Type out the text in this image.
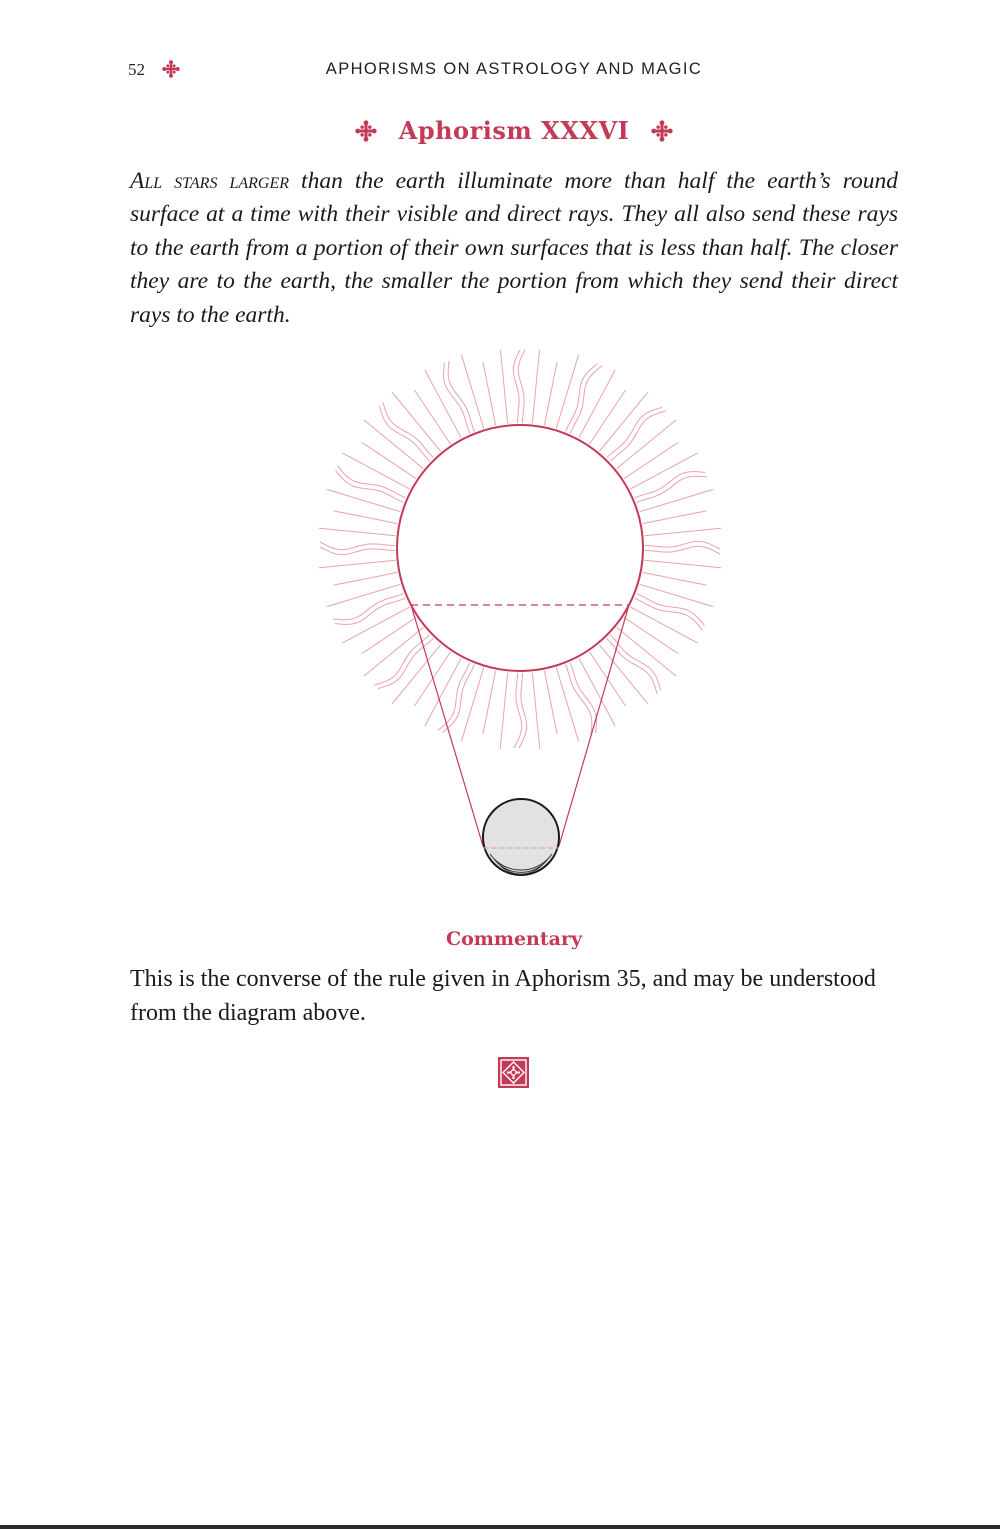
52	APHORISMS ON ASTROLOGY AND MAGIC
Aphorism XXXVI

All stars larger than the earth illuminate more than half the earth’s round surface at a time with their visible and direct rays. They all also send these rays to the earth from a portion of their own surfaces that is less than half. The closer they are to the earth, the smaller the portion from which they send their direct rays to the earth.

Commentary

This is the converse of the rule given in Aphorism 35, and may be understood from the diagram above.
